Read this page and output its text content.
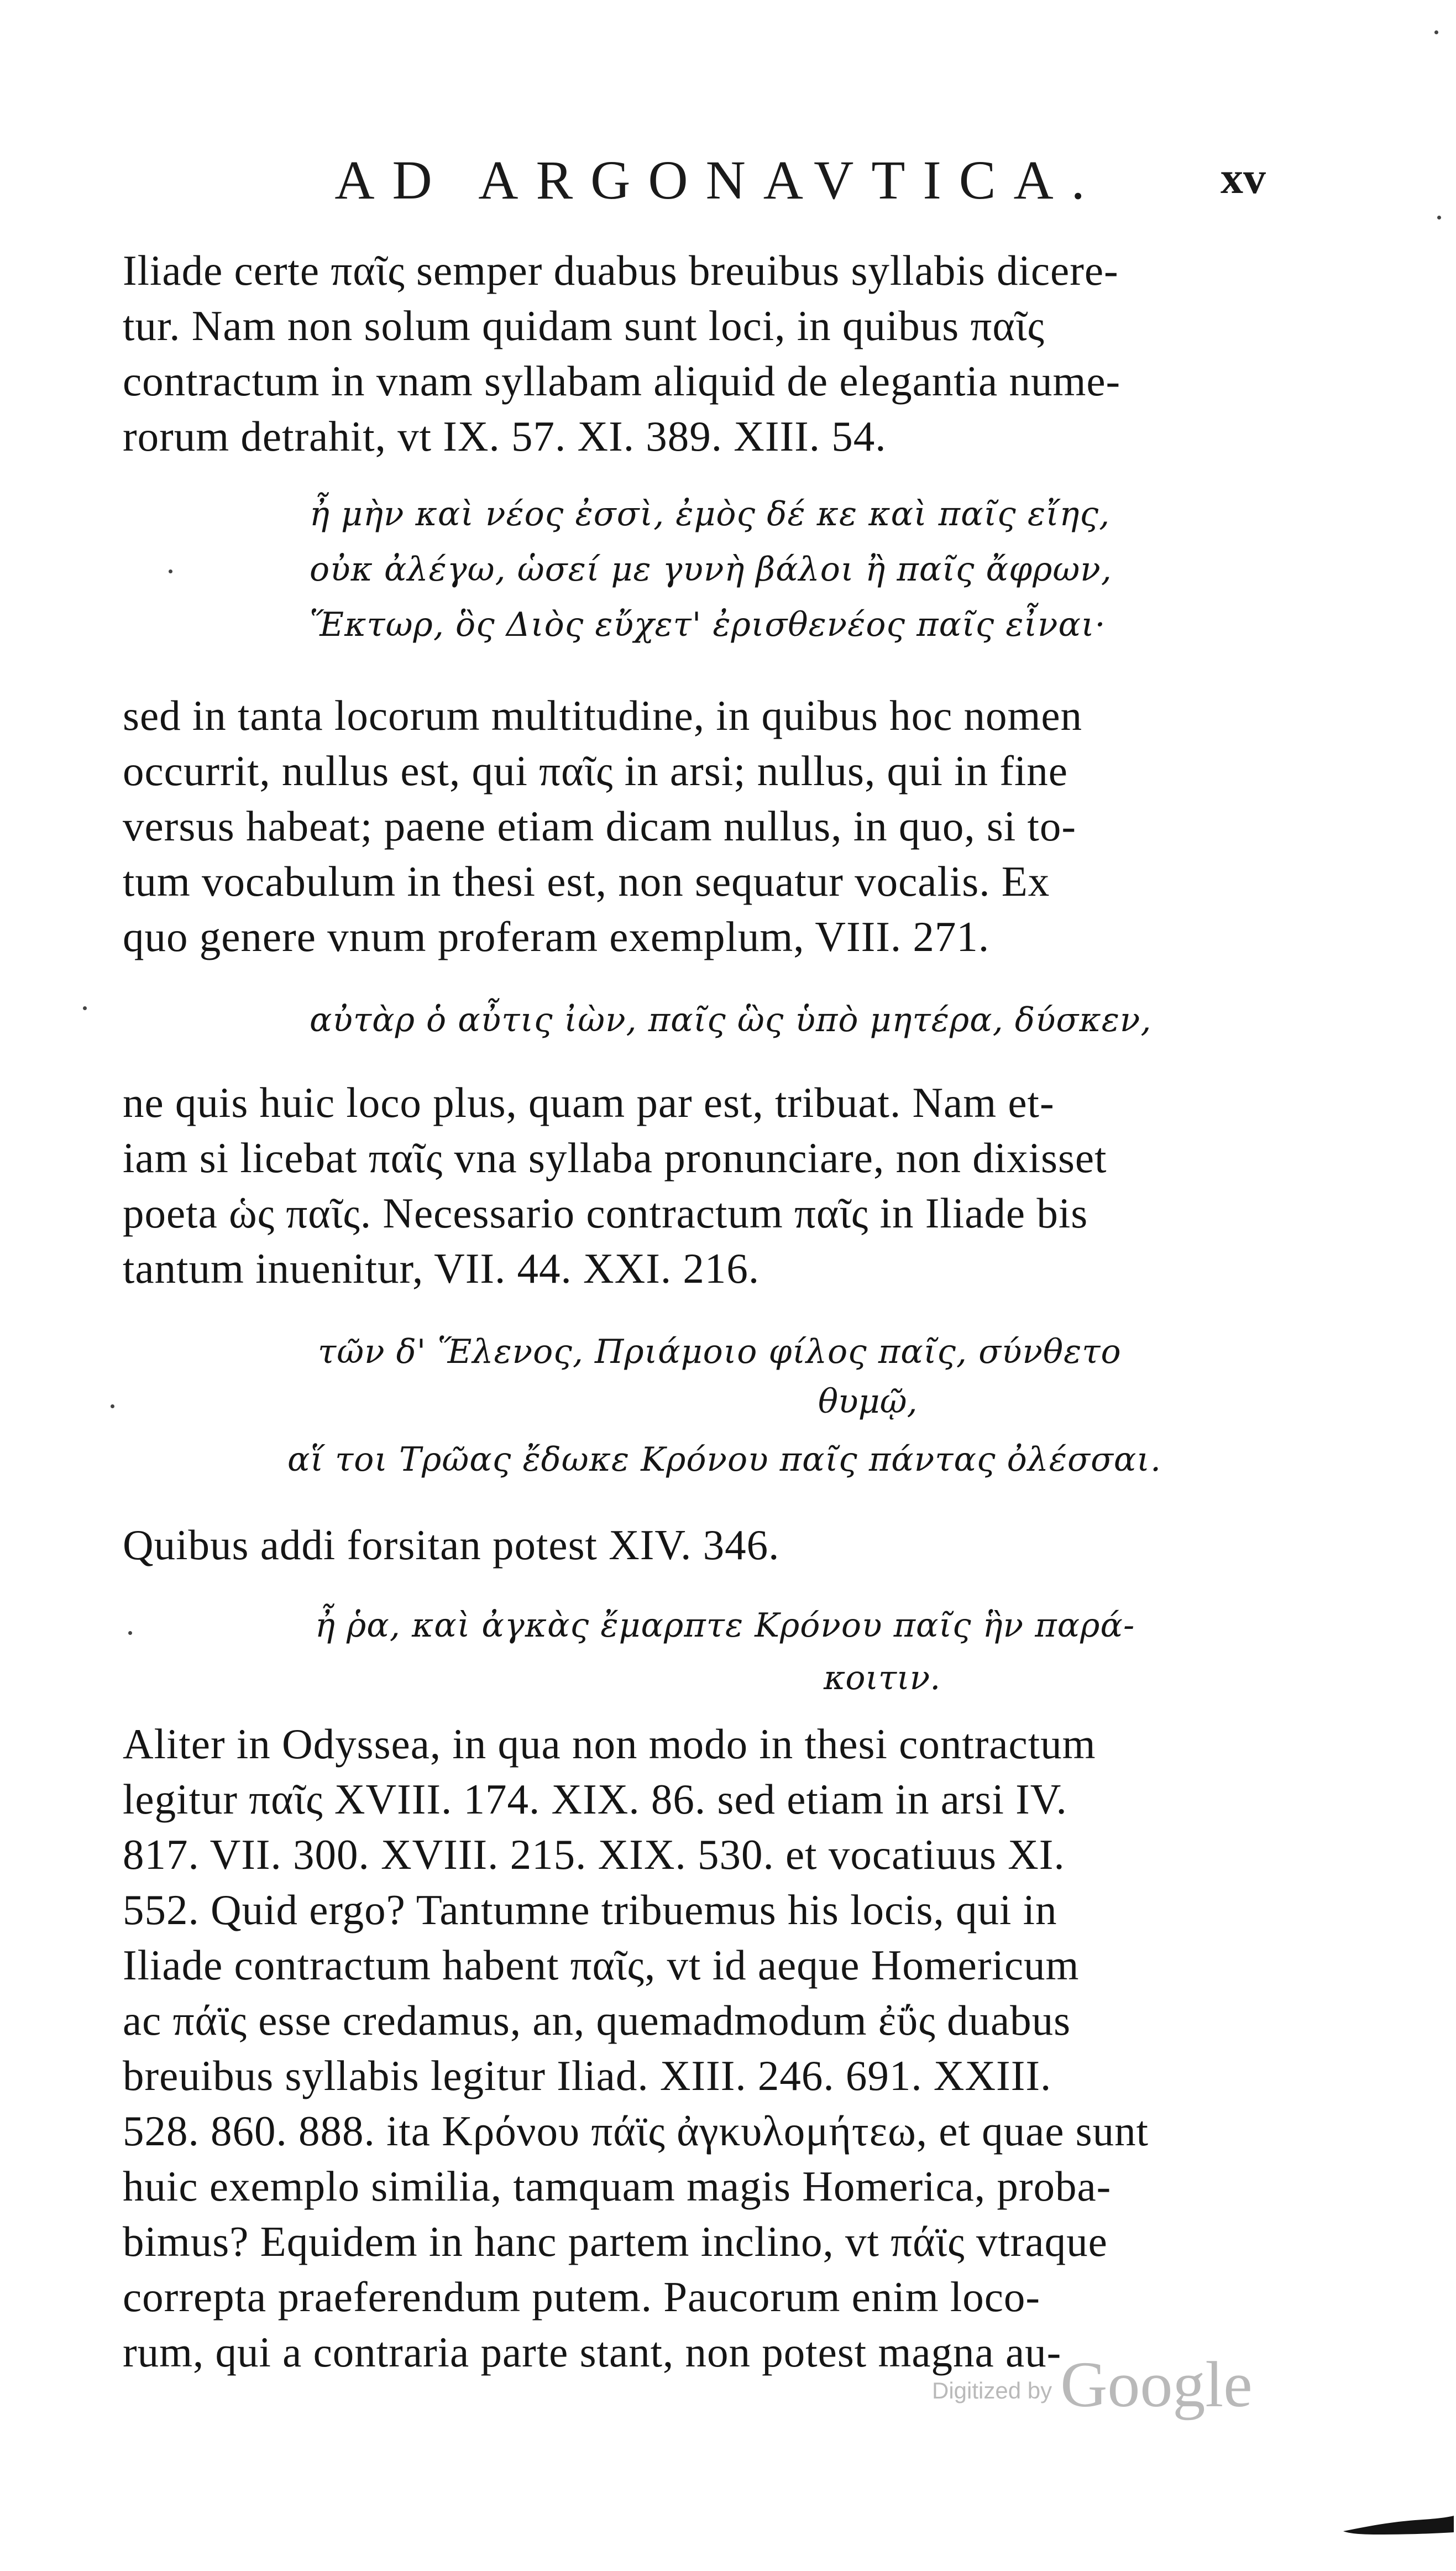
AD ARGONAVTICA.	xv
Iliade certe παῖς semper duabus breuibus syllabis dicere-
tur. Nam non solum quidam sunt loci, in quibus παῖς
contractum in vnam syllabam aliquid de elegantia nume-
rorum detrahit, vt IX. 57. XI. 389. XIII. 54.
ἦ μὴν καὶ νέος ἐσσὶ, ἐμὸς δέ κε καὶ παῖς εἴης,
οὐκ ἀλέγω, ὡσεί με γυνὴ βάλοι ἢ παῖς ἄφρων,
Ἕκτωρ, ὃς Διὸς εὔχετ' ἐρισθενέος παῖς εἶναι·
sed in tanta locorum multitudine, in quibus hoc nomen
occurrit, nullus est, qui παῖς in arsi; nullus, qui in fine
versus habeat; paene etiam dicam nullus, in quo, si to-
tum vocabulum in thesi est, non sequatur vocalis. Ex
quo genere vnum proferam exemplum, VIII. 271.
αὐτὰρ ὁ αὖτις ἰὼν, παῖς ὣς ὑπὸ μητέρα, δύσκεν,
ne quis huic loco plus, quam par est, tribuat. Nam et-
iam si licebat παῖς vna syllaba pronunciare, non dixisset
poeta ὡς παῖς. Necessario contractum παῖς in Iliade bis
tantum inuenitur, VII. 44. XXI. 216.
τῶν δ' Ἕλενος, Πριάμοιο φίλος παῖς, σύνθετο
θυμῷ,
αἵ τοι Τρῶας ἔδωκε Κρόνου παῖς πάντας ὀλέσσαι.
Quibus addi forsitan potest XIV. 346.
ἦ ῥα, καὶ ἀγκὰς ἔμαρπτε Κρόνου παῖς ἣν παρά-
κοιτιν.
Aliter in Odyssea, in qua non modo in thesi contractum
legitur παῖς XVIII. 174. XIX. 86. sed etiam in arsi IV.
817. VII. 300. XVIII. 215. XIX. 530. et vocatiuus XI.
552. Quid ergo? Tantumne tribuemus his locis, qui in
Iliade contractum habent παῖς, vt id aeque Homericum
ac πάϊς esse credamus, an, quemadmodum ἐΰς duabus
breuibus syllabis legitur Iliad. XIII. 246. 691. XXIII.
528. 860. 888. ita Κρόνου πάϊς ἀγκυλομήτεω, et quae sunt
huic exemplo similia, tamquam magis Homerica, proba-
bimus? Equidem in hanc partem inclino, vt πάϊς vtraque
correpta praeferendum putem. Paucorum enim loco-
rum, qui a contraria parte stant, non potest magna au-
Digitized by Google
